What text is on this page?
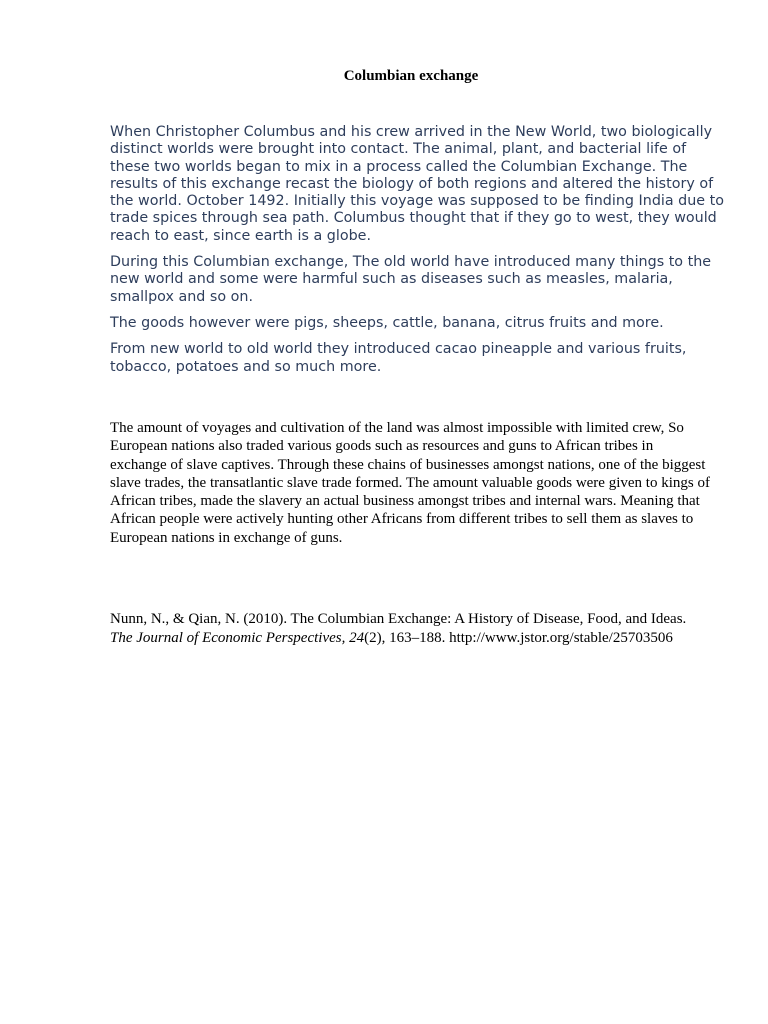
Columbian exchange

When Christopher Columbus and his crew arrived in the New World, two biologically distinct worlds were brought into contact. The animal, plant, and bacterial life of these two worlds began to mix in a process called the Columbian Exchange. The results of this exchange recast the biology of both regions and altered the history of the world. October 1492. Initially this voyage was supposed to be finding India due to trade spices through sea path. Columbus thought that if they go to west, they would reach to east, since earth is a globe.

During this Columbian exchange, The old world have introduced many things to the new world and some were harmful such as diseases such as measles, malaria, smallpox and so on.

The goods however were pigs, sheeps, cattle, banana, citrus fruits and more.

From new world to old world they introduced cacao pineapple and various fruits, tobacco, potatoes and so much more.

The amount of voyages and cultivation of the land was almost impossible with limited crew, So European nations also traded various goods such as resources and guns to African tribes in exchange of slave captives. Through these chains of businesses amongst nations, one of the biggest slave trades, the transatlantic slave trade formed. The amount valuable goods were given to kings of African tribes, made the slavery an actual business amongst tribes and internal wars. Meaning that African people were actively hunting other Africans from different tribes to sell them as slaves to European nations in exchange of guns.

Nunn, N., & Qian, N. (2010). The Columbian Exchange: A History of Disease, Food, and Ideas.
The Journal of Economic Perspectives, 24(2), 163–188. http://www.jstor.org/stable/25703506
